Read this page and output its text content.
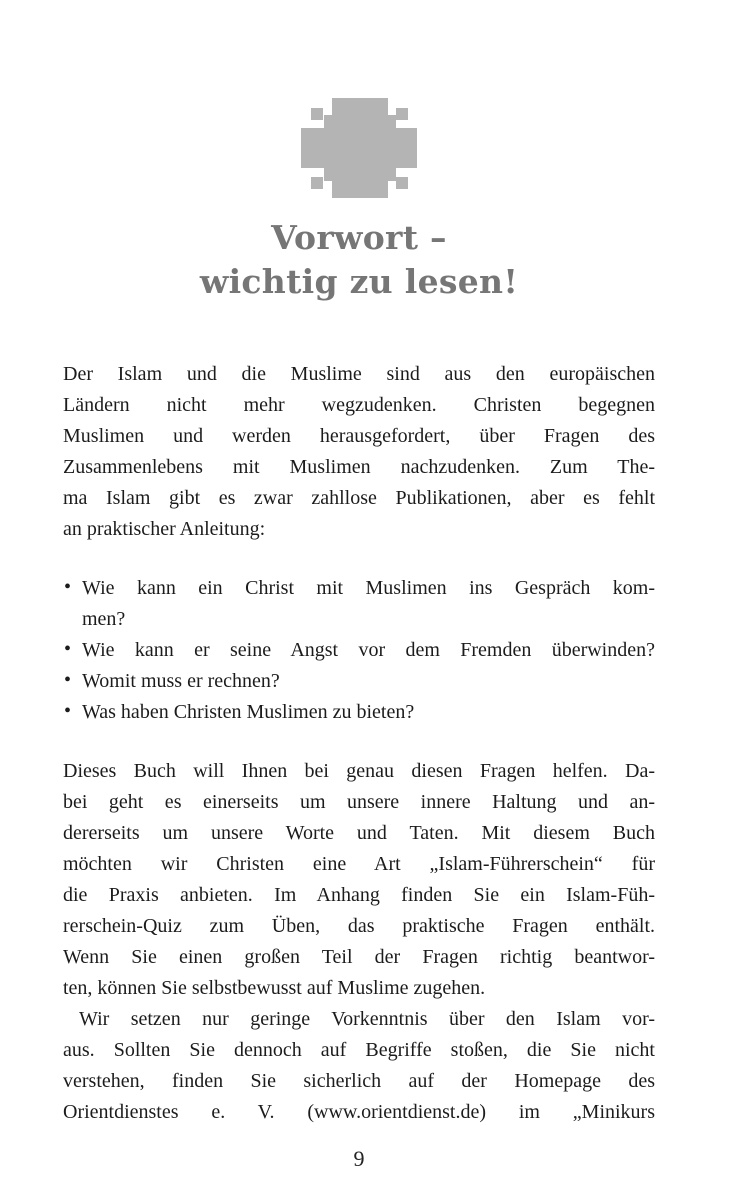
Vorwort –
wichtig zu lesen!
Der Islam und die Muslime sind aus den europäischen
Ländern nicht mehr wegzudenken. Christen begegnen
Muslimen und werden herausgefordert, über Fragen des
Zusammenlebens mit Muslimen nachzudenken. Zum The-
ma Islam gibt es zwar zahllose Publikationen, aber es fehlt
an praktischer Anleitung:
• Wie kann ein Christ mit Muslimen ins Gespräch kom-
men?
• Wie kann er seine Angst vor dem Fremden überwinden?
• Womit muss er rechnen?
• Was haben Christen Muslimen zu bieten?
Dieses Buch will Ihnen bei genau diesen Fragen helfen. Da-
bei geht es einerseits um unsere innere Haltung und an-
dererseits um unsere Worte und Taten. Mit diesem Buch
möchten wir Christen eine Art „Islam-Führerschein“ für
die Praxis anbieten. Im Anhang finden Sie ein Islam-Füh-
rerschein-Quiz zum Üben, das praktische Fragen enthält.
Wenn Sie einen großen Teil der Fragen richtig beantwor-
ten, können Sie selbstbewusst auf Muslime zugehen.
Wir setzen nur geringe Vorkenntnis über den Islam vor-
aus. Sollten Sie dennoch auf Begriffe stoßen, die Sie nicht
verstehen, finden Sie sicherlich auf der Homepage des
Orientdienstes e. V. (www.orientdienst.de) im „Minikurs
9
